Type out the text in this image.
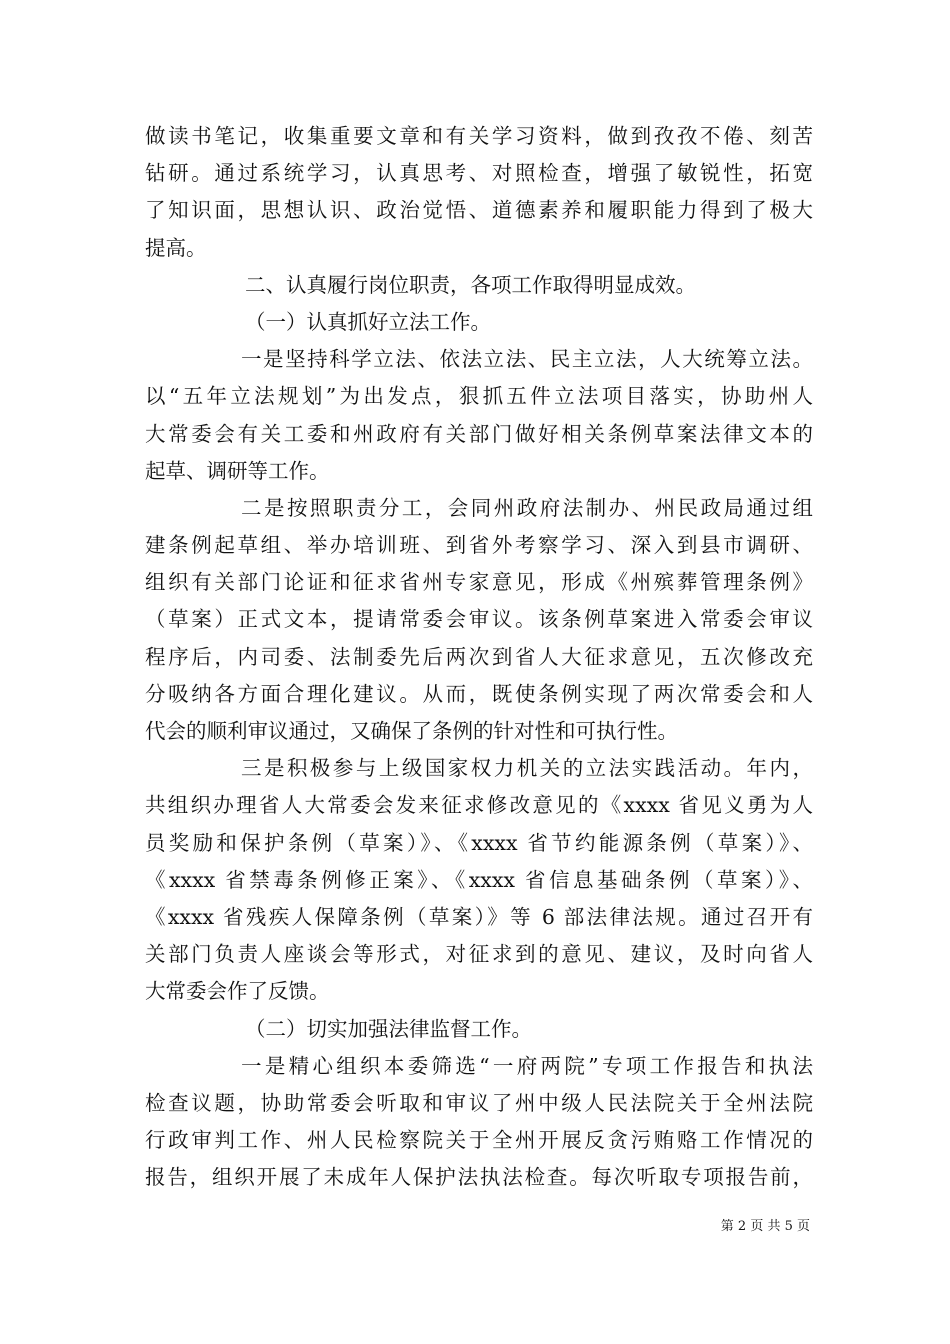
做读书笔记，收集重要文章和有关学习资料，做到孜孜不倦、刻苦
钻研。通过系统学习，认真思考、对照检查，增强了敏锐性，拓宽
了知识面，思想认识、政治觉悟、道德素养和履职能力得到了极大
提高。
二、认真履行岗位职责，各项工作取得明显成效。
（一）认真抓好立法工作。
一是坚持科学立法、依法立法、民主立法，人大统筹立法。
以“五年立法规划”为出发点，狠抓五件立法项目落实，协助州人
大常委会有关工委和州政府有关部门做好相关条例草案法律文本的
起草、调研等工作。
二是按照职责分工，会同州政府法制办、州民政局通过组
建条例起草组、举办培训班、到省外考察学习、深入到县市调研、
组织有关部门论证和征求省州专家意见，形成《州殡葬管理条例》
（草案）正式文本，提请常委会审议。该条例草案进入常委会审议
程序后，内司委、法制委先后两次到省人大征求意见，五次修改充
分吸纳各方面合理化建议。从而，既使条例实现了两次常委会和人
代会的顺利审议通过，又确保了条例的针对性和可执行性。
三是积极参与上级国家权力机关的立法实践活动。年内，
共组织办理省人大常委会发来征求修改意见的《xxxx 省见义勇为人
员奖励和保护条例（草案）》、《xxxx 省节约能源条例（草案）》、
《xxxx 省禁毒条例修正案》、《xxxx 省信息基础条例（草案）》、
《xxxx 省残疾人保障条例（草案）》等 6 部法律法规。通过召开有
关部门负责人座谈会等形式，对征求到的意见、建议，及时向省人
大常委会作了反馈。
（二）切实加强法律监督工作。
一是精心组织本委筛选“一府两院”专项工作报告和执法
检查议题，协助常委会听取和审议了州中级人民法院关于全州法院
行政审判工作、州人民检察院关于全州开展反贪污贿赂工作情况的
报告，组织开展了未成年人保护法执法检查。每次听取专项报告前，
第 2 页 共 5 页
